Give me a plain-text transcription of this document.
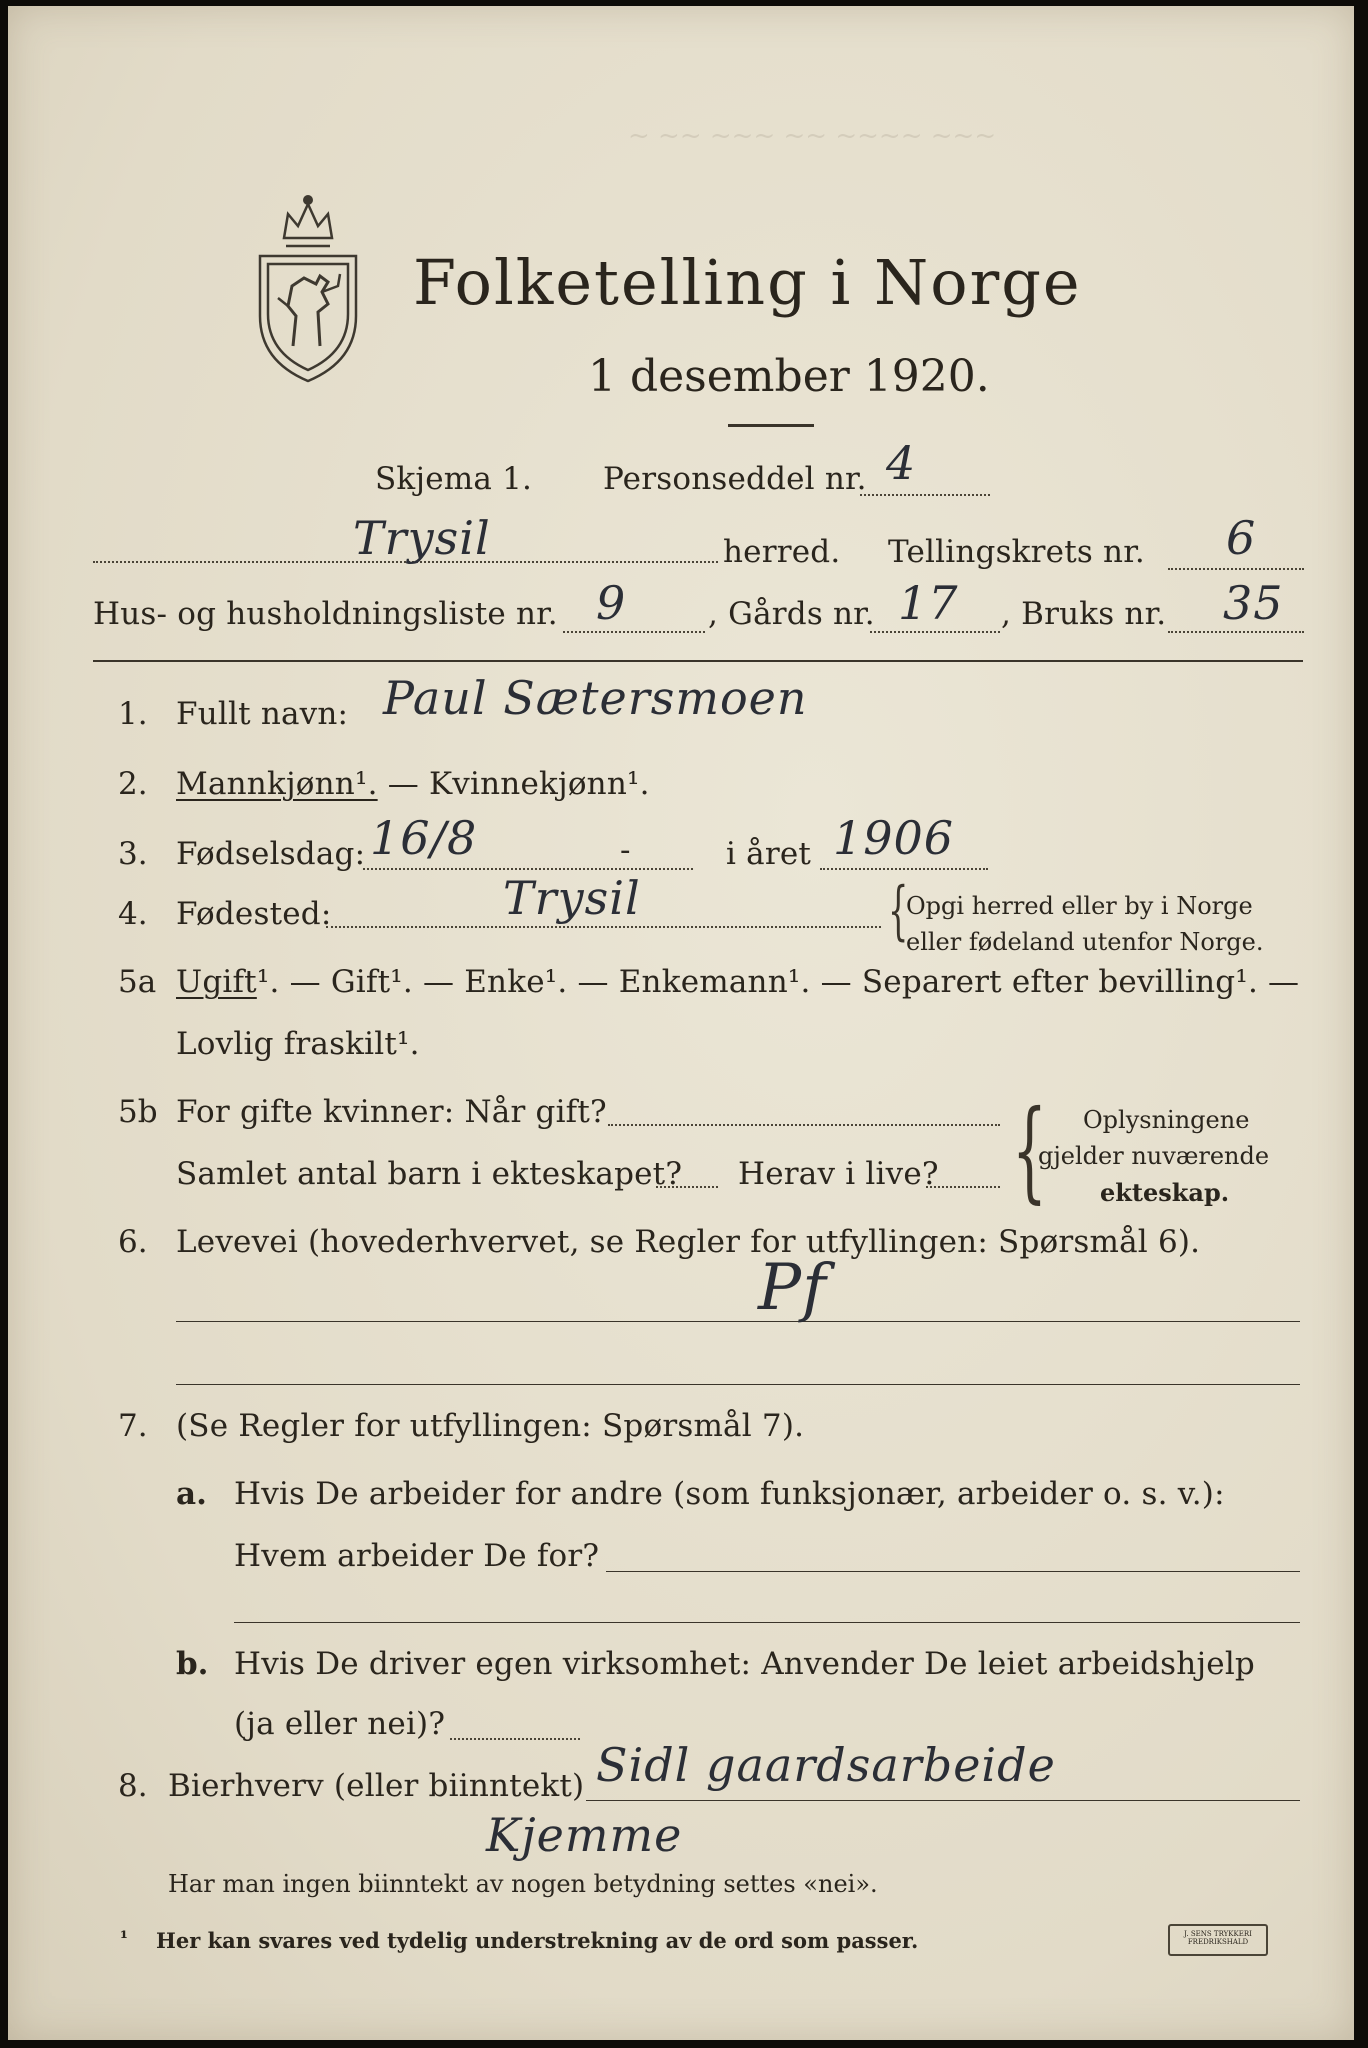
~ ~~ ~~~ ~~ ~~~~ ~~~
Folketelling i Norge
1 desember 1920.
Skjema 1. Personseddel nr. 4
Trysil	herred. Tellingskrets nr. 6
Hus- og husholdningsliste nr. 9	, Gårds nr. 17 , Bruks nr. 35
1. Fullt navn: Paul Sætersmoen
2. Mannkjønn¹. — Kvinnekjønn¹.
3. Fødselsdag: 16/8	-	i året 1906
4. Fødested:	Trysil	{
Opgi herred eller by i Norge
eller fødeland utenfor Norge.
5a Ugift¹. — Gift¹. — Enke¹. — Enkemann¹. — Separert efter bevilling¹. —
Lovlig fraskilt¹.
5b For gifte kvinner: Når gift?
Samlet antal barn i ekteskapet? Herav i live? { Oplysningene
gjelder nuværende
ekteskap.
6. Levevei (hovederhvervet, se Regler for utfyllingen: Spørsmål 6).
Pf
7. (Se Regler for utfyllingen: Spørsmål 7).
a. Hvis De arbeider for andre (som funksjonær, arbeider o. s. v.):
Hvem arbeider De for?
b. Hvis De driver egen virksomhet: Anvender De leiet arbeidshjelp
(ja eller nei)?
8. Bierhverv (eller biinntekt) Sidl gaardsarbeide
Kjemme
Har man ingen biinntekt av nogen betydning settes «nei».
¹ Her kan svares ved tydelig understrekning av de ord som passer.	J. SENS TRYKKERI
FREDRIKSHALD
